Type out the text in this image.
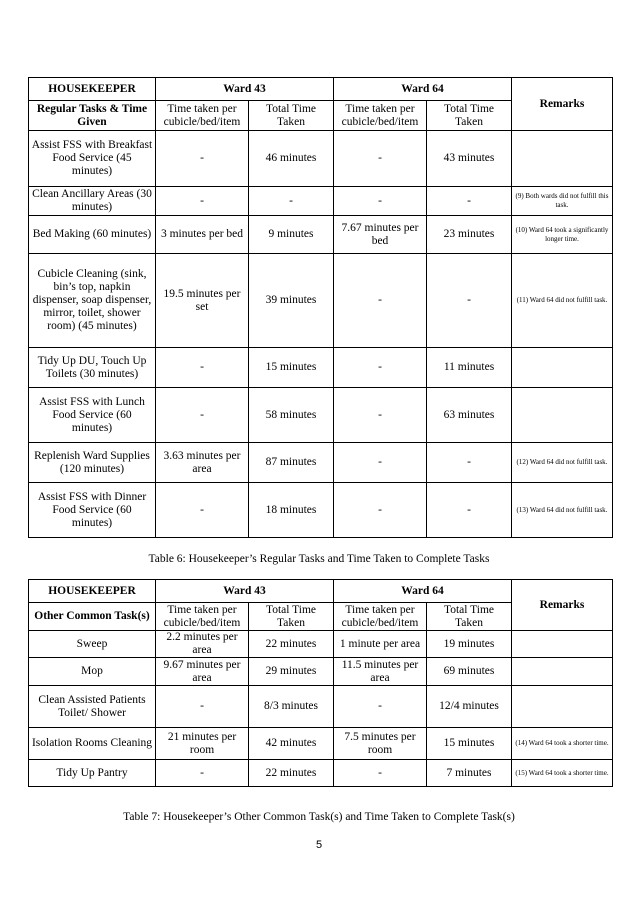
HOUSEKEEPER	Ward 43		Ward 64		Remarks
Regular Tasks & Time Given	Time taken per cubicle/bed/item	Total Time Taken	Time taken per cubicle/bed/item	Total Time Taken	
Assist FSS with Breakfast Food Service (45 minutes)	-	46 minutes	-	43 minutes	
Clean Ancillary Areas (30 minutes)	-	-	-	-	(9) Both wards did not fulfill this task.
Bed Making (60 minutes)	3 minutes per bed	9 minutes	7.67 minutes per bed	23 minutes	(10) Ward 64 took a significantly longer time.
Cubicle Cleaning (sink, bin’s top, napkin dispenser, soap dispenser, mirror, toilet, shower room) (45 minutes)	19.5 minutes per set	39 minutes	-	-	(11) Ward 64 did not fulfill task.
Tidy Up DU, Touch Up Toilets (30 minutes)	-	15 minutes	-	11 minutes	
Assist FSS with Lunch Food Service (60 minutes)	-	58 minutes	-	63 minutes	
Replenish Ward Supplies (120 minutes)	3.63 minutes per area	87 minutes	-	-	(12) Ward 64 did not fulfill task.
Assist FSS with Dinner Food Service (60 minutes)	-	18 minutes	-	-	(13) Ward 64 did not fulfill task.
Table 6: Housekeeper’s Regular Tasks and Time Taken to Complete Tasks
HOUSEKEEPER	Ward 43		Ward 64		Remarks
Other Common Task(s)	Time taken per cubicle/bed/item	Total Time Taken	Time taken per cubicle/bed/item	Total Time Taken	
Sweep	2.2 minutes per area	22 minutes	1 minute per area	19 minutes	
Mop	9.67 minutes per area	29 minutes	11.5 minutes per area	69 minutes	
Clean Assisted Patients Toilet/ Shower	-	8/3 minutes	-	12/4 minutes	
Isolation Rooms Cleaning	21 minutes per room	42 minutes	7.5 minutes per room	15 minutes	(14) Ward 64 took a shorter time.
Tidy Up Pantry	-	22 minutes	-	7 minutes	(15) Ward 64 took a shorter time.
Table 7: Housekeeper’s Other Common Task(s) and Time Taken to Complete Task(s)
5
